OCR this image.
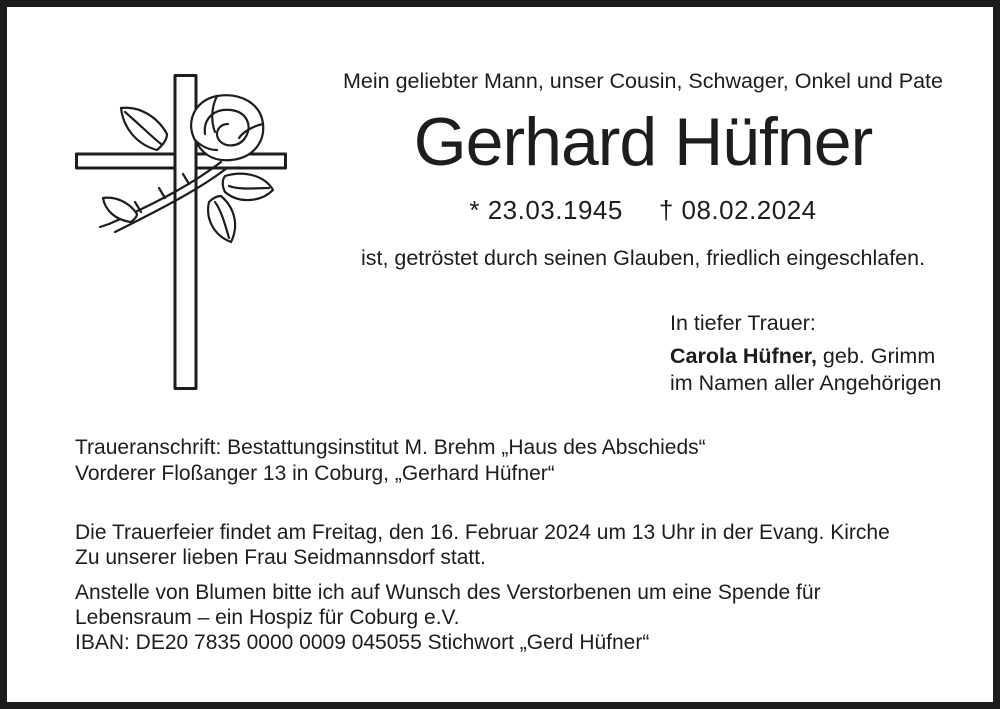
Mein geliebter Mann, unser Cousin, Schwager, Onkel und Pate
Gerhard Hüfner
* 23.03.1945 † 08.02.2024
ist, getröstet durch seinen Glauben, friedlich eingeschlafen.

In tiefer Trauer:

Carola Hüfner, geb. Grimm

im Namen aller Angehörigen

Traueranschrift: Bestattungsinstitut M. Brehm „Haus des Abschieds“

Vorderer Floßanger 13 in Coburg, „Gerhard Hüfner“

Die Trauerfeier findet am Freitag, den 16. Februar 2024 um 13 Uhr in der Evang. Kirche

Zu unserer lieben Frau Seidmannsdorf statt.

Anstelle von Blumen bitte ich auf Wunsch des Verstorbenen um eine Spende für

Lebensraum – ein Hospiz für Coburg e.V.

IBAN: DE20 7835 0000 0009 045055 Stichwort „Gerd Hüfner“
